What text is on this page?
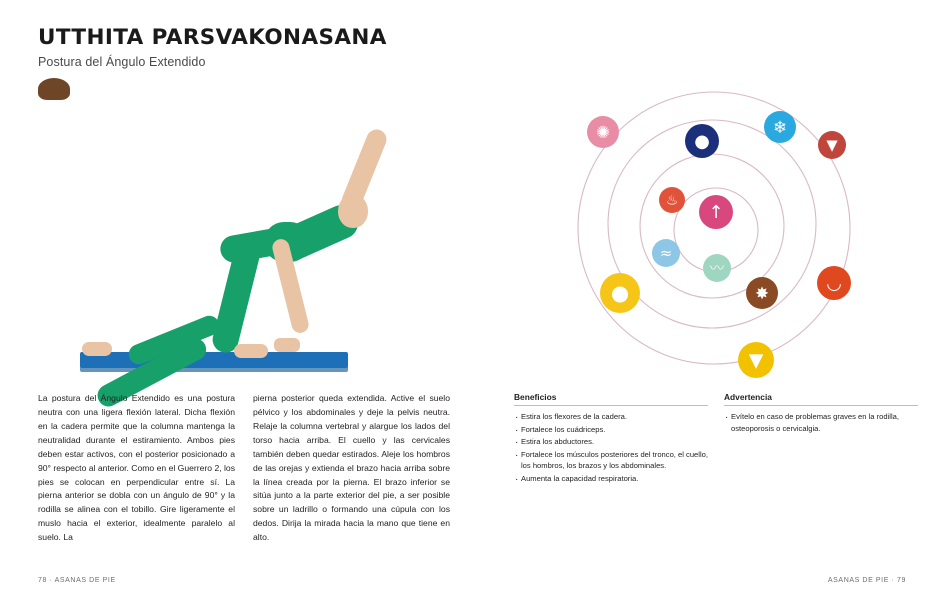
UTTHITA PARSVAKONASANA
Postura del Ángulo Extendido
La postura del Ángulo Extendido es una postura neutra con una ligera flexión lateral. Dicha flexión en la cadera permite que la columna mantenga la neutralidad durante el estiramiento. Ambos pies deben estar activos, con el posterior posicionado a 90° respecto al anterior. Como en el Guerrero 2, los pies se colocan en perpendicular entre sí. La pierna anterior se dobla con un ángulo de 90° y la rodilla se alinea con el tobillo. Gire ligeramente el muslo hacia el exterior, idealmente paralelo al suelo. La
pierna posterior queda extendida. Active el suelo pélvico y los abdominales y deje la pelvis neutra. Relaje la columna vertebral y alargue los lados del torso hacia arriba. El cuello y las cervicales también deben quedar estirados. Aleje los hombros de las orejas y extienda el brazo hacia arriba sobre la línea creada por la pierna. El brazo inferior se sitúa junto a la parte exterior del pie, a ser posible sobre un ladrillo o formando una cúpula con los dedos. Dirija la mirada hacia la mano que tiene en alto.
78 · ASANAS DE PIE
↑
♨
≈
〰
●
✺	❄
▼
◡
●	✸
▼
Beneficios
· Estira los flexores de la cadera.
· Fortalece los cuádriceps.
· Estira los abductores.
· Fortalece los músculos posteriores del tronco, el cuello, los hombros, los brazos y los abdominales.
· Aumenta la capacidad respiratoria.
Advertencia
· Evítelo en caso de problemas graves en la rodilla, osteoporosis o cervicalgia.
ASANAS DE PIE · 79
